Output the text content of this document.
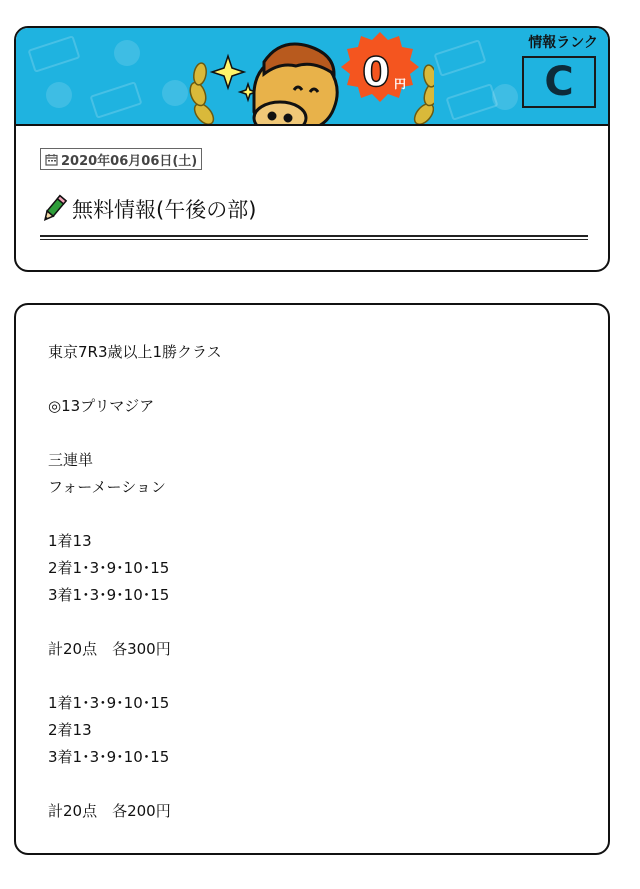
0 円
情報ランク
C
2020年06月06日(土)
無料情報(午後の部)
東京7R3歳以上1勝クラス
◎13プリマジア
三連単
フォーメーション
1着13
2着1･3･9･10･15
3着1･3･9･10･15
計20点　各300円
1着1･3･9･10･15
2着13
3着1･3･9･10･15
計20点　各200円
